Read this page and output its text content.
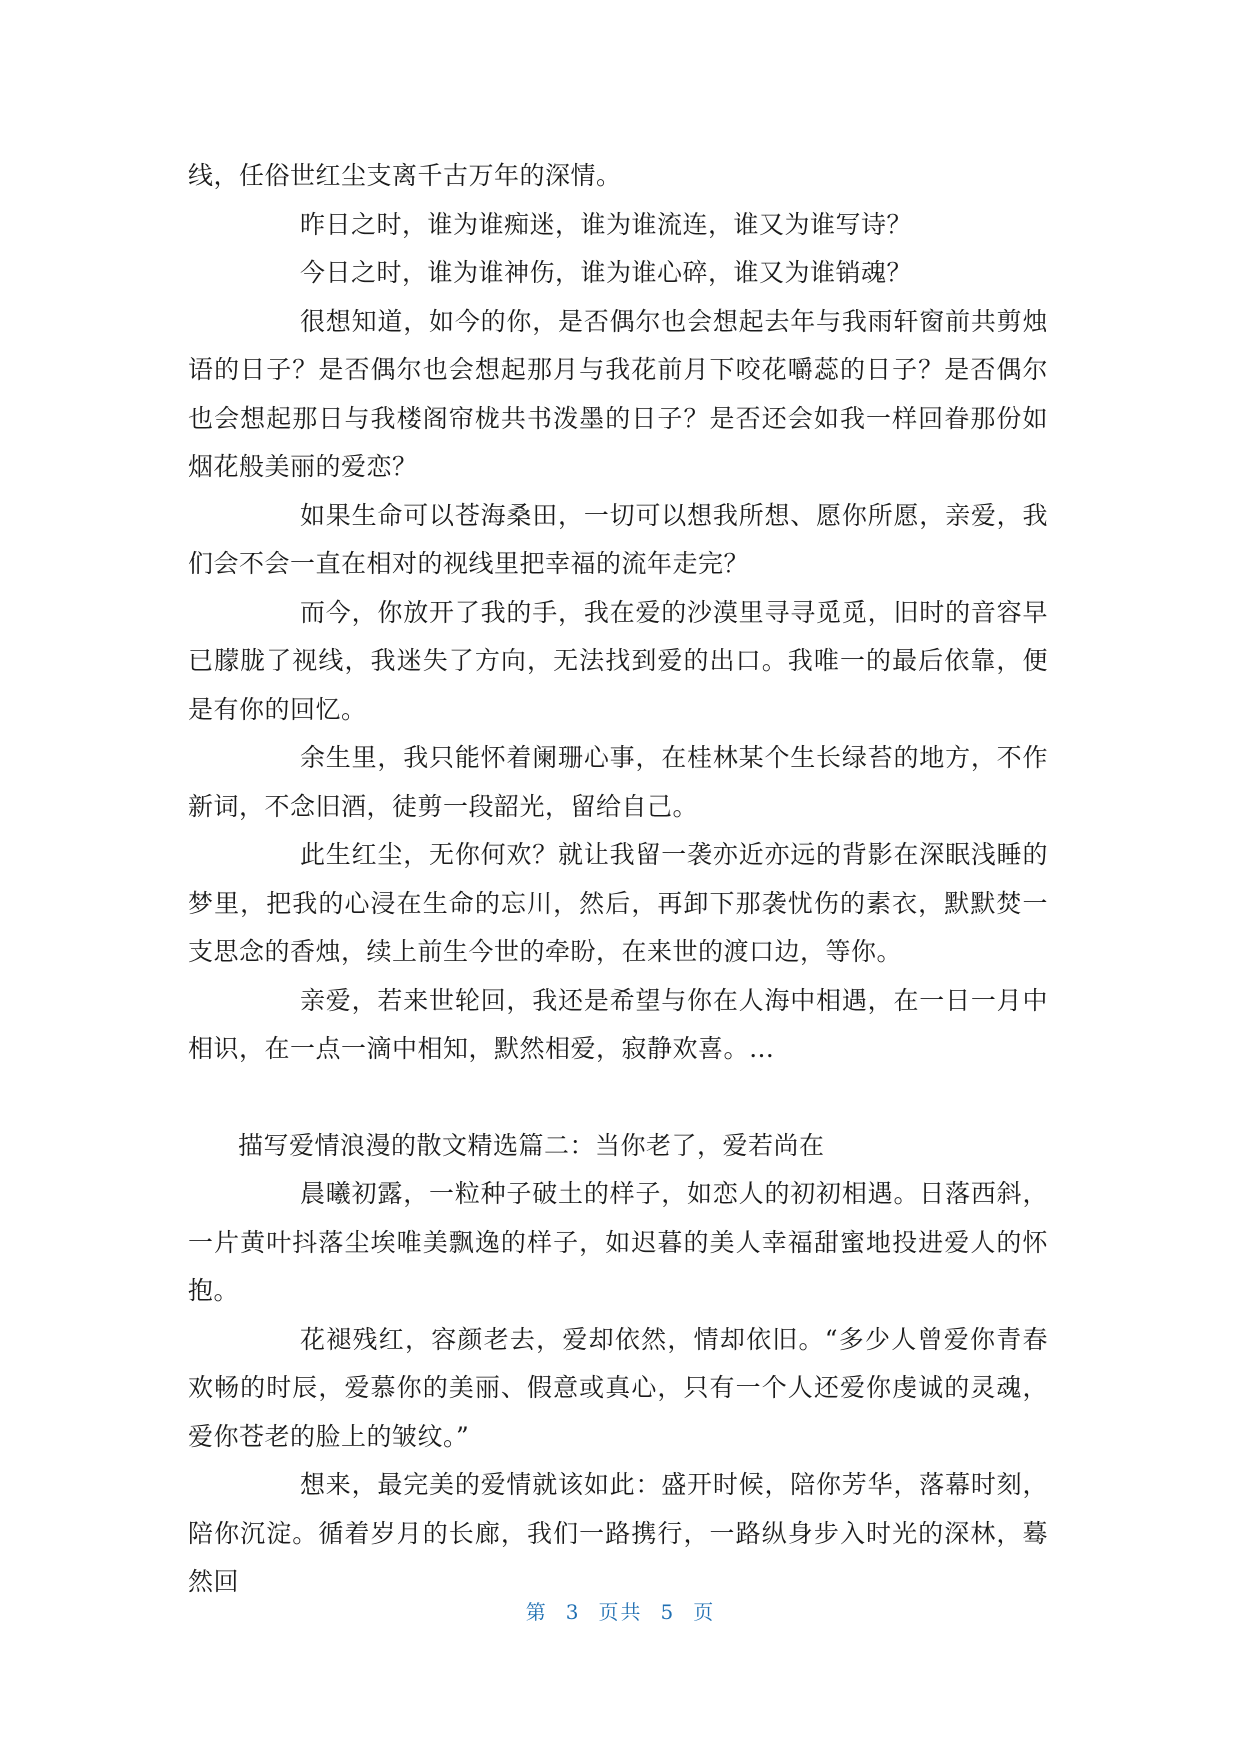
线，任俗世红尘支离千古万年的深情。

昨日之时，谁为谁痴迷，谁为谁流连，谁又为谁写诗？

今日之时，谁为谁神伤，谁为谁心碎，谁又为谁销魂？

很想知道，如今的你，是否偶尔也会想起去年与我雨轩窗前共剪烛语的日子？是否偶尔也会想起那月与我花前月下咬花嚼蕊的日子？是否偶尔也会想起那日与我楼阁帘栊共书泼墨的日子？是否还会如我一样回眷那份如烟花般美丽的爱恋？

如果生命可以苍海桑田，一切可以想我所想、愿你所愿，亲爱，我们会不会一直在相对的视线里把幸福的流年走完？

而今，你放开了我的手，我在爱的沙漠里寻寻觅觅，旧时的音容早已朦胧了视线，我迷失了方向，无法找到爱的出口。我唯一的最后依靠，便是有你的回忆。

余生里，我只能怀着阑珊心事，在桂林某个生长绿苔的地方，不作新词，不念旧酒，徒剪一段韶光，留给自己。

此生红尘，无你何欢？就让我留一袭亦近亦远的背影在深眠浅睡的梦里，把我的心浸在生命的忘川，然后，再卸下那袭忧伤的素衣，默默焚一支思念的香烛，续上前生今世的牵盼，在来世的渡口边，等你。

亲爱，若来世轮回，我还是希望与你在人海中相遇，在一日一月中相识，在一点一滴中相知，默然相爱，寂静欢喜。…

描写爱情浪漫的散文精选篇二：当你老了，爱若尚在

晨曦初露，一粒种子破土的样子，如恋人的初初相遇。日落西斜，一片黄叶抖落尘埃唯美飘逸的样子，如迟暮的美人幸福甜蜜地投进爱人的怀抱。

花褪残红，容颜老去，爱却依然，情却依旧。“多少人曾爱你青春欢畅的时辰，爱慕你的美丽、假意或真心，只有一个人还爱你虔诚的灵魂，爱你苍老的脸上的皱纹。”

想来，最完美的爱情就该如此：盛开时候，陪你芳华，落幕时刻，陪你沉淀。循着岁月的长廊，我们一路携行，一路纵身步入时光的深林，蓦然回

第 3 页共 5 页
